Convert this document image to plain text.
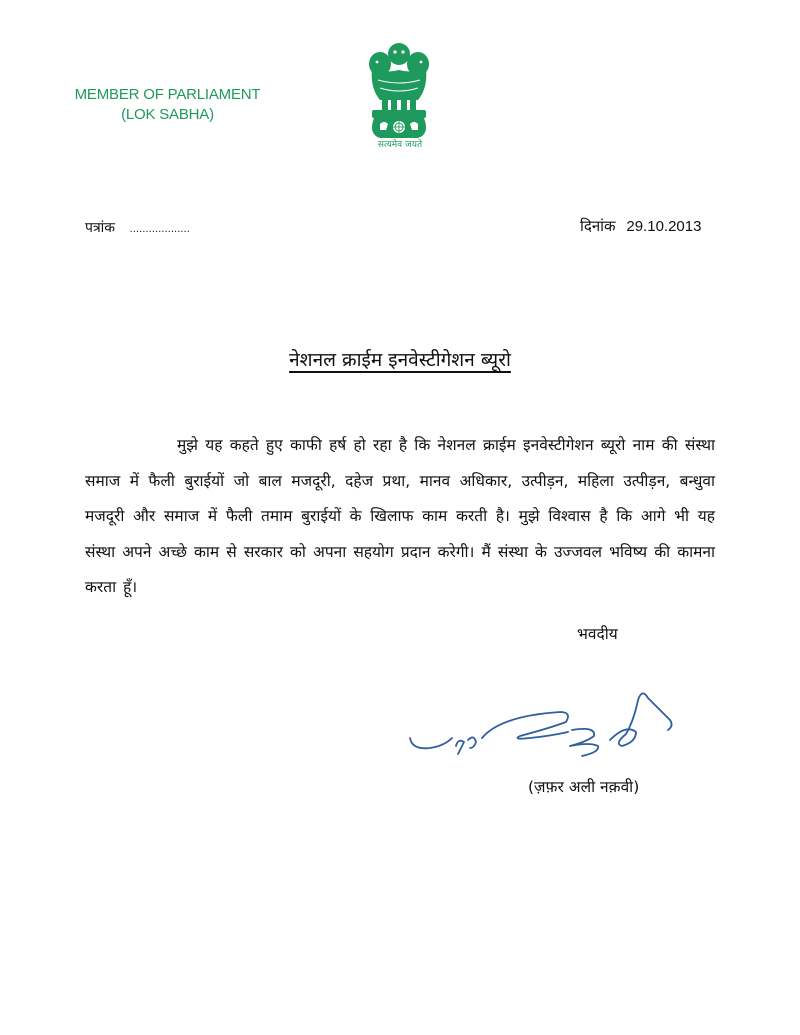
MEMBER OF PARLIAMENT
(LOK SABHA)
सत्यमेव जयते
पत्रांक ...................	दिनांक 29.10.2013
नेशनल क्राईम इनवेस्टीगेशन ब्यूरो
मुझे यह कहते हुए काफी हर्ष हो रहा है कि नेशनल क्राईम इनवेस्टीगेशन ब्यूरो नाम की संस्था समाज में फैली बुराईयों जो बाल मजदूरी, दहेज प्रथा, मानव अधिकार, उत्पीड़न, महिला उत्पीड़न, बन्धुवा मजदूरी और समाज में फैली तमाम बुराईयों के खिलाफ काम करती है। मुझे विश्वास है कि आगे भी यह संस्था अपने अच्छे काम से सरकार को अपना सहयोग प्रदान करेगी। मैं संस्था के उज्जवल भविष्य की कामना करता हूँ।
भवदीय
(ज़फ़र अली नक़वी)
